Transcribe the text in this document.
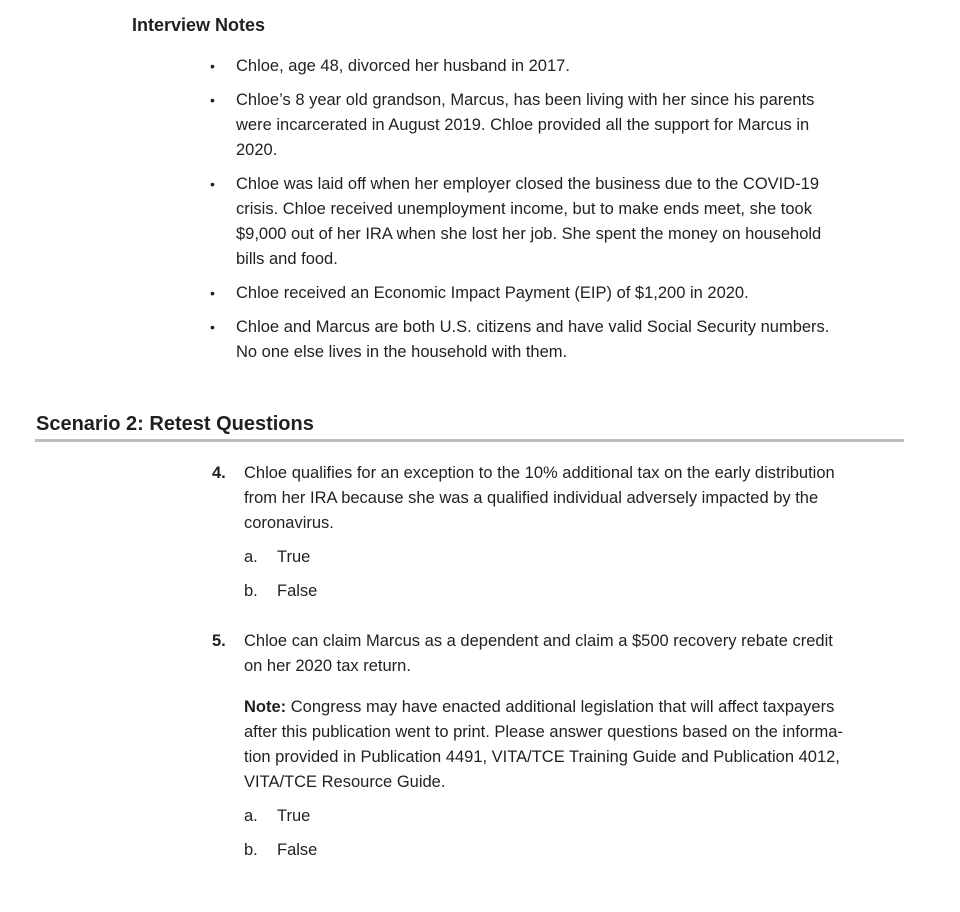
Interview Notes
•	Chloe, age 48, divorced her husband in 2017.
•	Chloe’s 8 year old grandson, Marcus, has been living with her since his parents
were incarcerated in August 2019. Chloe provided all the support for Marcus in
2020.
•	Chloe was laid off when her employer closed the business due to the COVID-19
crisis. Chloe received unemployment income, but to make ends meet, she took
$9,000 out of her IRA when she lost her job. She spent the money on household
bills and food.
•	Chloe received an Economic Impact Payment (EIP) of $1,200 in 2020.
•	Chloe and Marcus are both U.S. citizens and have valid Social Security numbers.
No one else lives in the household with them.
Scenario 2: Retest Questions
4. Chloe qualifies for an exception to the 10% additional tax on the early distribution
from her IRA because she was a qualified individual adversely impacted by the
coronavirus.
a. True
b. False
5. Chloe can claim Marcus as a dependent and claim a $500 recovery rebate credit
on her 2020 tax return.
Note: Congress may have enacted additional legislation that will affect taxpayers
after this publication went to print. Please answer questions based on the informa-
tion provided in Publication 4491, VITA/TCE Training Guide and Publication 4012,
VITA/TCE Resource Guide.
a. True
b. False
